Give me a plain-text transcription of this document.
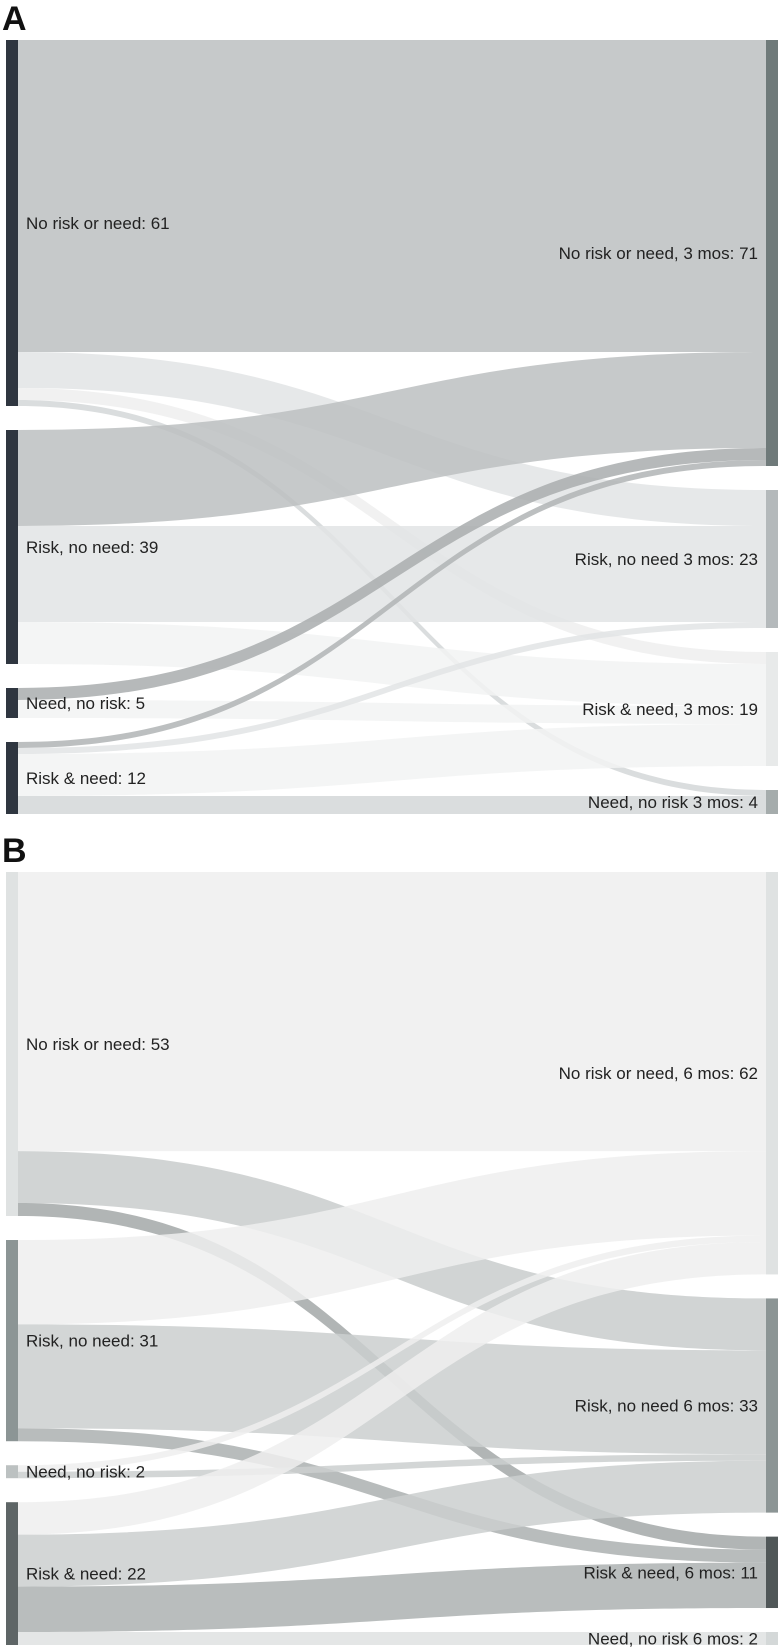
A
No risk or need: 61
Risk, no need: 39
Need, no risk: 5
Risk & need: 12
No risk or need, 3 mos: 71
Risk, no need 3 mos: 23
Risk & need, 3 mos: 19
Need, no risk 3 mos: 4
B
No risk or need: 53
Risk, no need: 31
Need, no risk: 2
Risk & need: 22
No risk or need, 6 mos: 62
Risk, no need 6 mos: 33
Risk & need, 6 mos: 11
Need, no risk 6 mos: 2
